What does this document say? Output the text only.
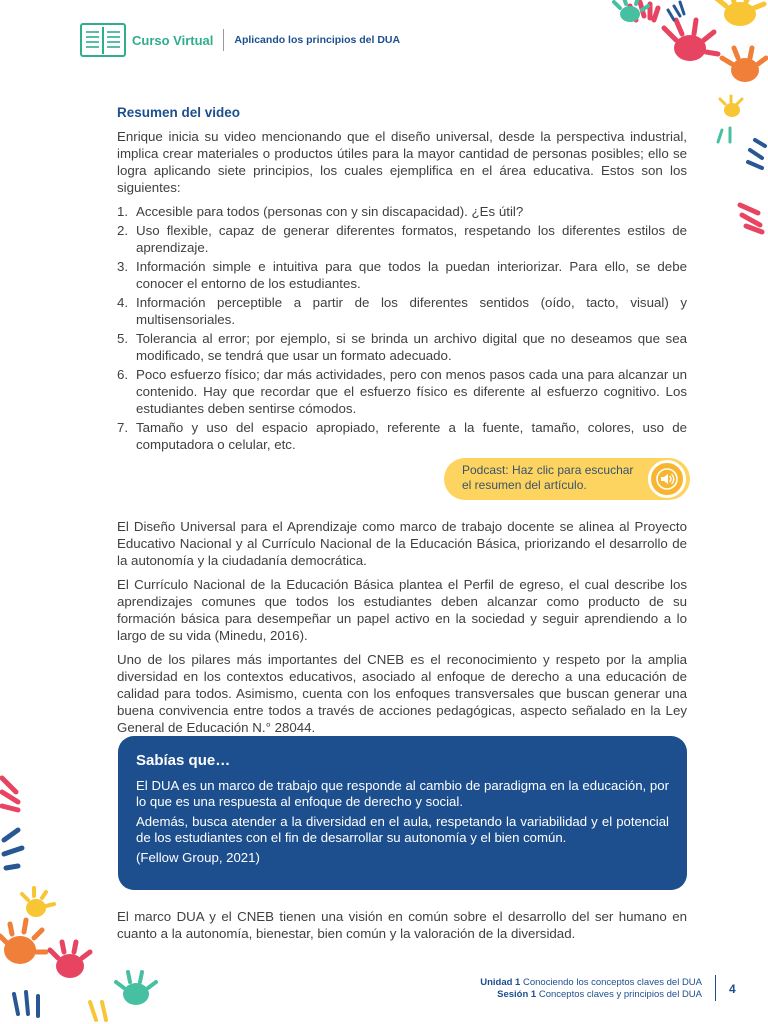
Curso Virtual Aplicando los principios del DUA
Resumen del video

Enrique inicia su video mencionando que el diseño universal, desde la perspectiva industrial, implica crear materiales o productos útiles para la mayor cantidad de personas posibles; ello se logra aplicando siete principios, los cuales ejemplifica en el área educativa. Estos son los siguientes:

1. Accesible para todos (personas con y sin discapacidad). ¿Es útil?
2. Uso flexible, capaz de generar diferentes formatos, respetando los diferentes estilos de aprendizaje.
3. Información simple e intuitiva para que todos la puedan interiorizar. Para ello, se debe conocer el entorno de los estudiantes.
4. Información perceptible a partir de los diferentes sentidos (oído, tacto, visual) y multisensoriales.
5. Tolerancia al error; por ejemplo, si se brinda un archivo digital que no deseamos que sea modificado, se tendrá que usar un formato adecuado.
6. Poco esfuerzo físico; dar más actividades, pero con menos pasos cada una para alcanzar un contenido. Hay que recordar que el esfuerzo físico es diferente al esfuerzo cognitivo. Los estudiantes deben sentirse cómodos.
7. Tamaño y uso del espacio apropiado, referente a la fuente, tamaño, colores, uso de computadora o celular, etc.
Podcast: Haz clic para escuchar el resumen del artículo.

El Diseño Universal para el Aprendizaje como marco de trabajo docente se alinea al Proyecto Educativo Nacional y al Currículo Nacional de la Educación Básica, priorizando el desarrollo de la autonomía y la ciudadanía democrática.

El Currículo Nacional de la Educación Básica plantea el Perfil de egreso, el cual describe los aprendizajes comunes que todos los estudiantes deben alcanzar como producto de su formación básica para desempeñar un papel activo en la sociedad y seguir aprendiendo a lo largo de su vida (Minedu, 2016).

Uno de los pilares más importantes del CNEB es el reconocimiento y respeto por la amplia diversidad en los contextos educativos, asociado al enfoque de derecho a una educación de calidad para todos. Asimismo, cuenta con los enfoques transversales que buscan generar una buena convivencia entre todos a través de acciones pedagógicas, aspecto señalado en la Ley General de Educación N.° 28044.

Sabías que…

El DUA es un marco de trabajo que responde al cambio de paradigma en la educación, por lo que es una respuesta al enfoque de derecho y social.

Además, busca atender a la diversidad en el aula, respetando la variabilidad y el potencial de los estudiantes con el fin de desarrollar su autonomía y el bien común.

(Fellow Group, 2021)

El marco DUA y el CNEB tienen una visión en común sobre el desarrollo del ser humano en cuanto a la autonomía, bienestar, bien común y la valoración de la diversidad.

Unidad 1 Conociendo los conceptos claves del DUA
Sesión 1 Conceptos claves y principios del DUA 4
